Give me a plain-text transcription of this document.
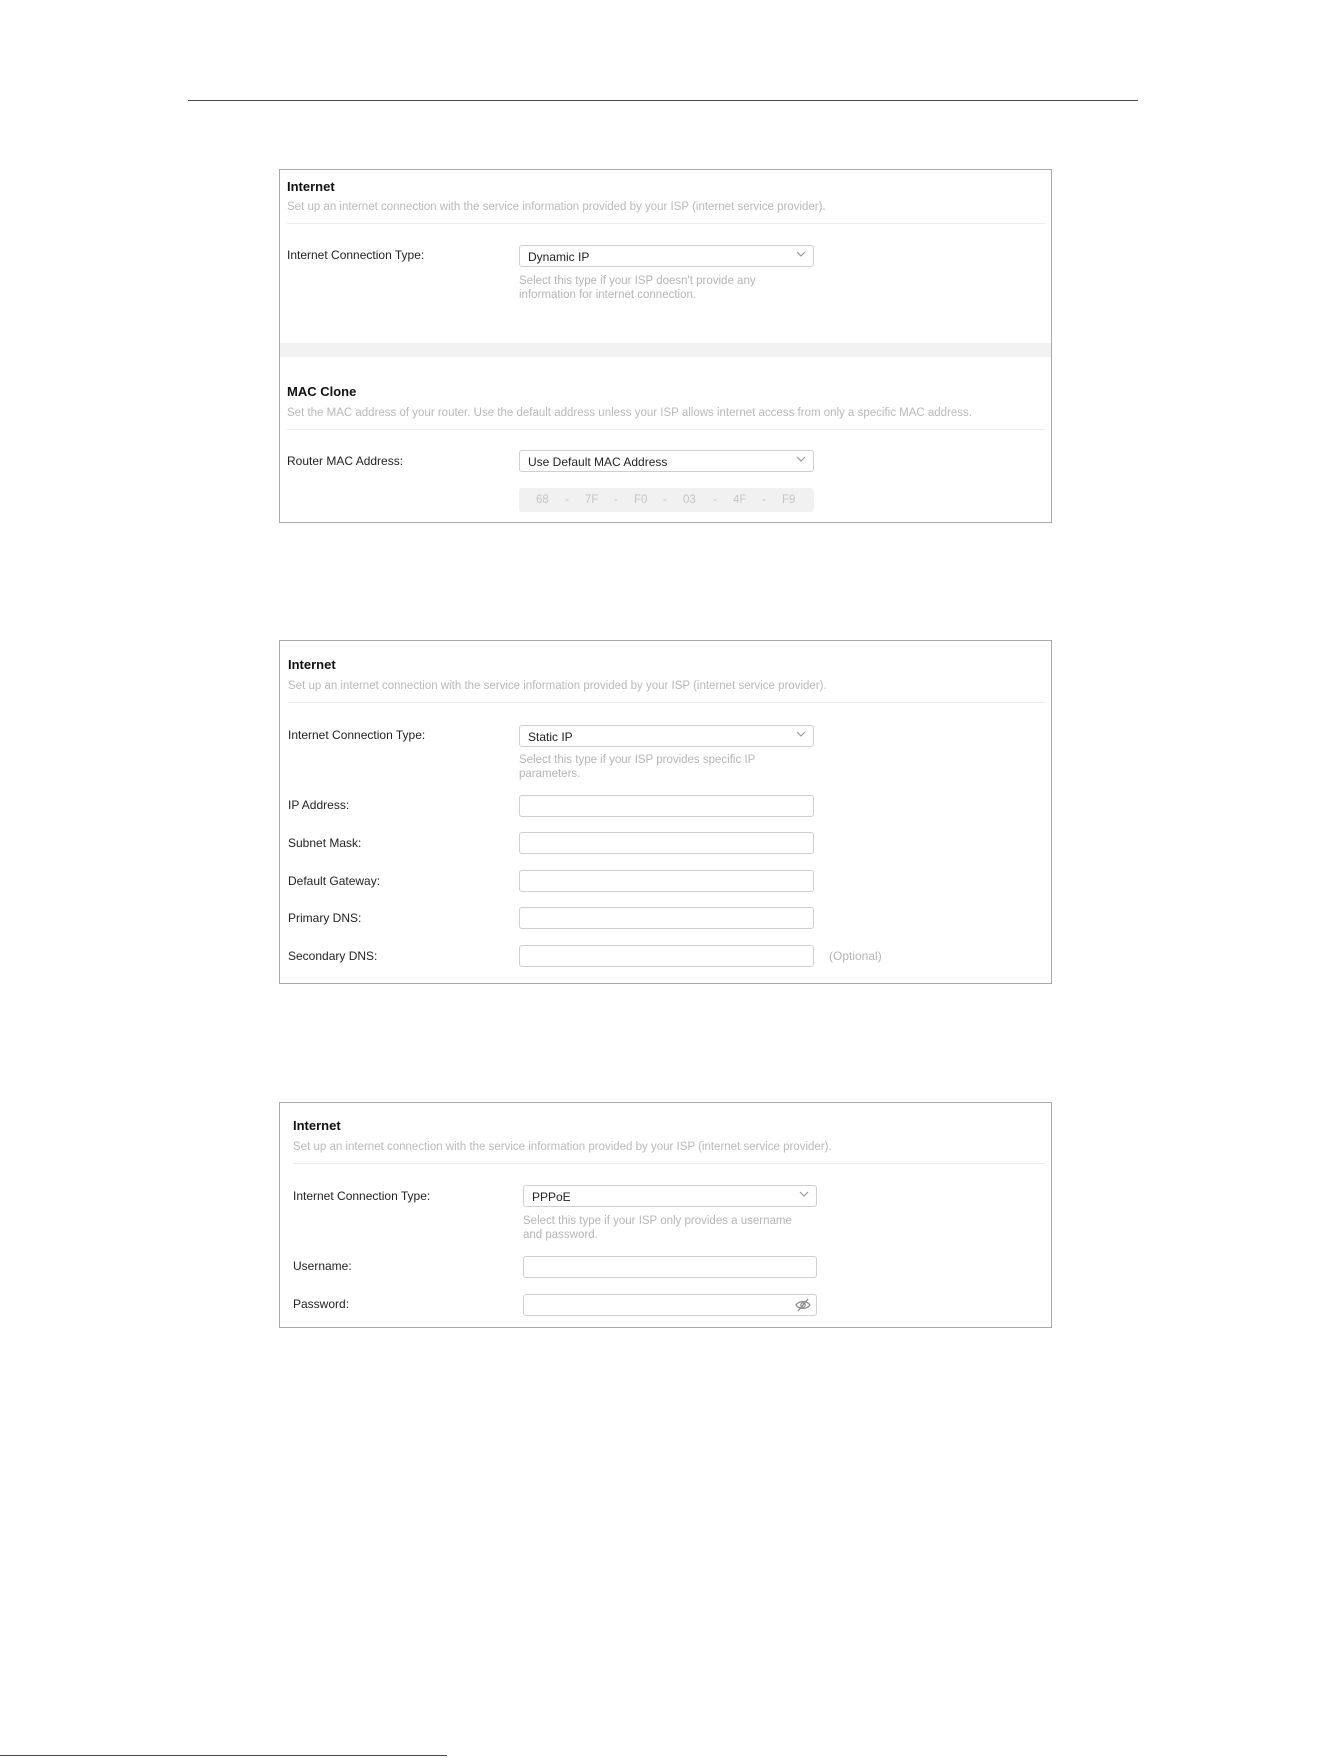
Internet
Set up an internet connection with the service information provided by your ISP (internet service provider).
Internet Connection Type:	Dynamic IP
Select this type if your ISP doesn't provide any
information for internet connection.
MAC Clone
Set the MAC address of your router. Use the default address unless your ISP allows internet access from only a specific MAC address.
Router MAC Address:	Use Default MAC Address
68 - 7F - F0 - 03 - 4F - F9
Internet
Set up an internet connection with the service information provided by your ISP (internet service provider).
Internet Connection Type:	Static IP
Select this type if your ISP provides specific IP
parameters.
IP Address:
Subnet Mask:
Default Gateway:
Primary DNS:
Secondary DNS:	(Optional)
Internet
Set up an internet connection with the service information provided by your ISP (internet service provider).
Internet Connection Type:	PPPoE
Select this type if your ISP only provides a username
and password.
Username:
Password:
